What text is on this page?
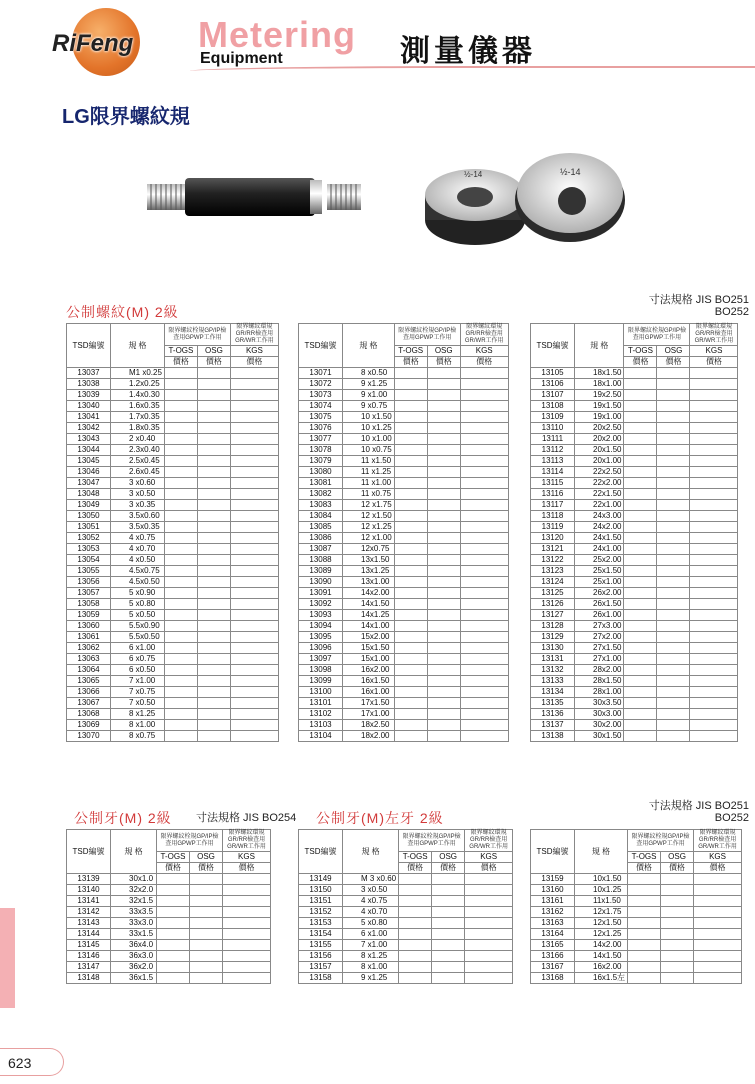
RiFeng Metering
Equipment	測量儀器
LG限界螺紋規
½-14	½-14
公制螺紋(M) 2級
寸法規格 JIS BO251
BO252
TSD編號	規 格	限界螺紋栓規GP/IP檢查用GPWP工作用		限界螺紋環規GR/RR檢查用GR/WR工作用
		T-OGS	OSG	KGS
		價格	價格	價格
13037	M1 x0.25			
13038	1.2x0.25			
13039	1.4x0.30			
13040	1.6x0.35			
13041	1.7x0.35			
13042	1.8x0.35			
13043	2 x0.40			
13044	2.3x0.40			
13045	2.5x0.45			
13046	2.6x0.45			
13047	3 x0.60			
13048	3 x0.50			
13049	3 x0.35			
13050	3.5x0.60			
13051	3.5x0.35			
13052	4 x0.75			
13053	4 x0.70			
13054	4 x0.50			
13055	4.5x0.75			
13056	4.5x0.50			
13057	5 x0.90			
13058	5 x0.80			
13059	5 x0.50			
13060	5.5x0.90			
13061	5.5x0.50			
13062	6 x1.00			
13063	6 x0.75			
13064	6 x0.50			
13065	7 x1.00			
13066	7 x0.75			
13067	7 x0.50			
13068	8 x1.25			
13069	8 x1.00			
13070	8 x0.75			
TSD編號	規 格	限界螺紋栓規GP/IP檢查用GPWP工作用		限界螺紋環規GR/RR檢查用GR/WR工作用
		T-OGS	OSG	KGS
		價格	價格	價格
13071	8 x0.50			
13072	9 x1.25			
13073	9 x1.00			
13074	9 x0.75			
13075	10 x1.50			
13076	10 x1.25			
13077	10 x1.00			
13078	10 x0.75			
13079	11 x1.50			
13080	11 x1.25			
13081	11 x1.00			
13082	11 x0.75			
13083	12 x1.75			
13084	12 x1.50			
13085	12 x1.25			
13086	12 x1.00			
13087	12x0.75			
13088	13x1.50			
13089	13x1.25			
13090	13x1.00			
13091	14x2.00			
13092	14x1.50			
13093	14x1.25			
13094	14x1.00			
13095	15x2.00			
13096	15x1.50			
13097	15x1.00			
13098	16x2.00			
13099	16x1.50			
13100	16x1.00			
13101	17x1.50			
13102	17x1.00			
13103	18x2.50			
13104	18x2.00			
TSD編號	規 格	限界螺紋栓規GP/IP檢查用GPWP工作用		限界螺紋環規GR/RR檢查用GR/WR工作用
		T-OGS	OSG	KGS
		價格	價格	價格
13105	18x1.50			
13106	18x1.00			
13107	19x2.50			
13108	19x1.50			
13109	19x1.00			
13110	20x2.50			
13111	20x2.00			
13112	20x1.50			
13113	20x1.00			
13114	22x2.50			
13115	22x2.00			
13116	22x1.50			
13117	22x1.00			
13118	24x3.00			
13119	24x2.00			
13120	24x1.50			
13121	24x1.00			
13122	25x2.00			
13123	25x1.50			
13124	25x1.00			
13125	26x2.00			
13126	26x1.50			
13127	26x1.00			
13128	27x3.00			
13129	27x2.00			
13130	27x1.50			
13131	27x1.00			
13132	28x2.00			
13133	28x1.50			
13134	28x1.00			
13135	30x3.50			
13136	30x3.00			
13137	30x2.00			
13138	30x1.50			
公制牙(M) 2級 寸法規格 JIS BO254 公制牙(M)左牙 2級
寸法規格 JIS BO251
BO252
TSD編號	規 格	限界螺紋栓規GP/IP檢查用GPWP工作用		限界螺紋環規GR/RR檢查用GR/WR工作用
		T-OGS	OSG	KGS
		價格	價格	價格
13139	30x1.0			
13140	32x2.0			
13141	32x1.5			
13142	33x3.5			
13143	33x3.0			
13144	33x1.5			
13145	36x4.0			
13146	36x3.0			
13147	36x2.0			
13148	36x1.5			
TSD編號	規 格	限界螺紋栓規GP/IP檢查用GPWP工作用		限界螺紋環規GR/RR檢查用GR/WR工作用
		T-OGS	OSG	KGS
		價格	價格	價格
13149	M 3 x0.60			
13150	3 x0.50			
13151	4 x0.75			
13152	4 x0.70			
13153	5 x0.80			
13154	6 x1.00			
13155	7 x1.00			
13156	8 x1.25			
13157	8 x1.00			
13158	9 x1.25			
TSD編號	規 格	限界螺紋栓規GP/IP檢查用GPWP工作用		限界螺紋環規GR/RR檢查用GR/WR工作用
		T-OGS	OSG	KGS
		價格	價格	價格
13159	10x1.50			
13160	10x1.25			
13161	11x1.50			
13162	12x1.75			
13163	12x1.50			
13164	12x1.25			
13165	14x2.00			
13166	14x1.50			
13167	16x2.00			
13168	16x1.5左			
623
